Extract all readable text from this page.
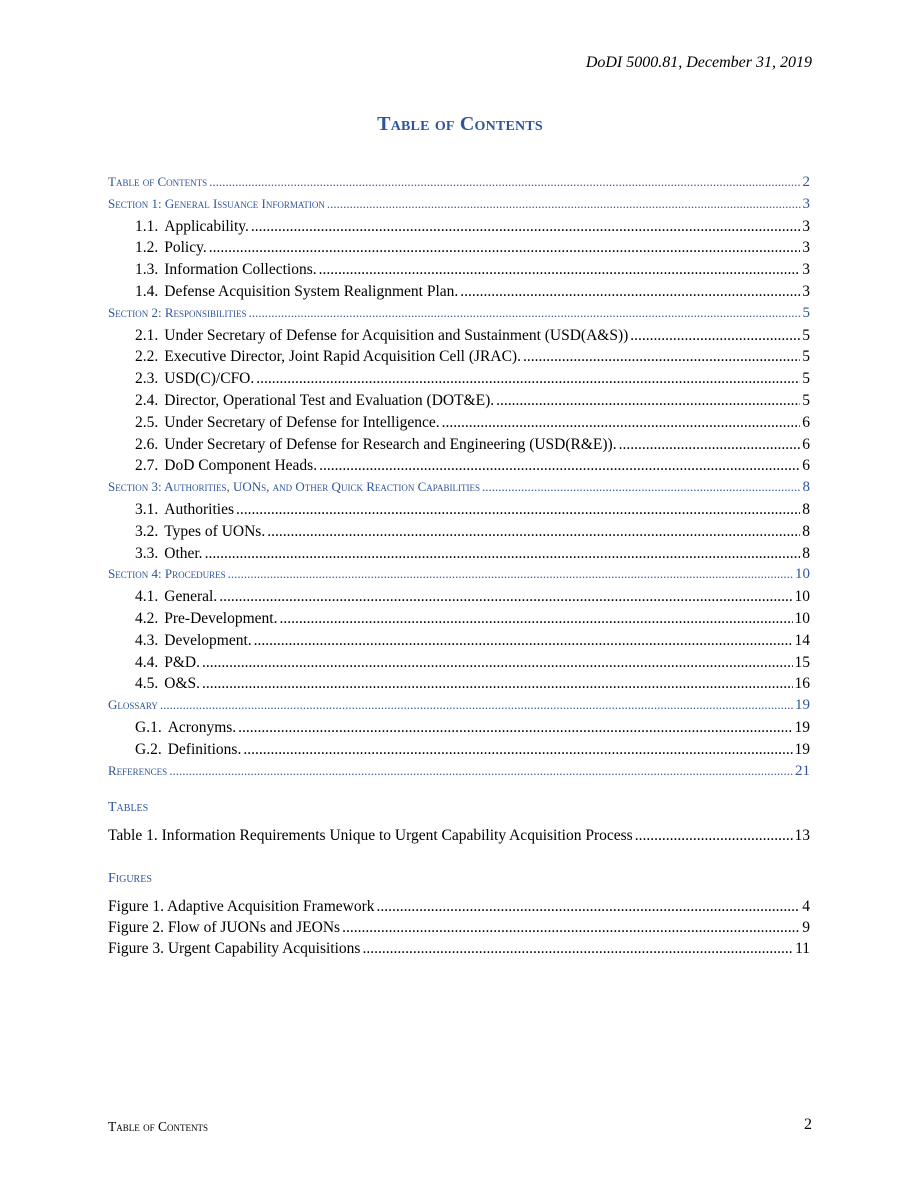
DoDI 5000.81, December 31, 2019
Table of Contents
Table of Contents .....	2
Section 1: General Issuance Information .....	3
1.1. Applicability. .....	3
1.2. Policy. .....	3
1.3. Information Collections. .....	3
1.4. Defense Acquisition System Realignment Plan. .....	3
Section 2: Responsibilities .....	5
2.1. Under Secretary of Defense for Acquisition and Sustainment (USD(A&S)) .....	5
2.2. Executive Director, Joint Rapid Acquisition Cell (JRAC). .....	5
2.3. USD(C)/CFO. .....	5
2.4. Director, Operational Test and Evaluation (DOT&E). .....	5
2.5. Under Secretary of Defense for Intelligence. .....	6
2.6. Under Secretary of Defense for Research and Engineering (USD(R&E)). .....	6
2.7. DoD Component Heads. .....	6
Section 3: Authorities, UONs, and Other Quick Reaction Capabilities .....	8
3.1. Authorities .....	8
3.2. Types of UONs. .....	8
3.3. Other. .....	8
Section 4: Procedures .....	10
4.1. General. .....	10
4.2. Pre-Development. .....	10
4.3. Development. .....	14
4.4. P&D. .....	15
4.5. O&S. .....	16
Glossary .....	19
G.1. Acronyms. .....	19
G.2. Definitions. .....	19
References .....	21
Tables
Table 1. Information Requirements Unique to Urgent Capability Acquisition Process .....	13
Figures
Figure 1. Adaptive Acquisition Framework .....	4
Figure 2. Flow of JUONs and JEONs .....	9
Figure 3. Urgent Capability Acquisitions .....	11
Table of Contents	2
